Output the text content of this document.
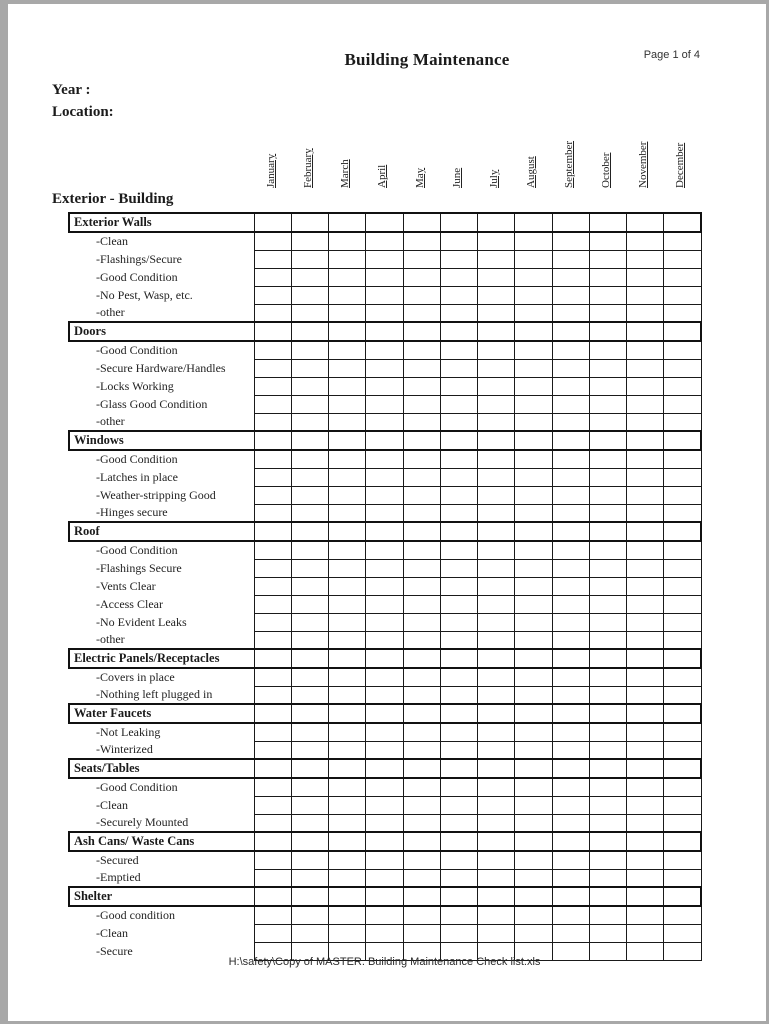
Building Maintenance	Page 1 of 4
Year :
Location:
January February March April May June July August September October November December
Exterior - Building
Exterior Walls												
-Clean												
-Flashings/Secure												
-Good Condition												
-No Pest, Wasp, etc.												
-other												
Doors												
-Good Condition												
-Secure Hardware/Handles												
-Locks Working												
-Glass Good Condition												
-other												
Windows												
-Good Condition												
-Latches in place												
-Weather-stripping Good												
-Hinges secure												
Roof												
-Good Condition												
-Flashings Secure												
-Vents Clear												
-Access Clear												
-No Evident Leaks												
-other												
Electric Panels/Receptacles												
-Covers in place												
-Nothing left plugged in												
Water Faucets												
-Not Leaking												
-Winterized												
Seats/Tables												
-Good Condition												
-Clean												
-Securely Mounted												
Ash Cans/ Waste Cans												
-Secured												
-Emptied												
Shelter												
-Good condition												
-Clean												
-Secure												
H:\safety\Copy of MASTER. Building Maintenance Check list.xls
